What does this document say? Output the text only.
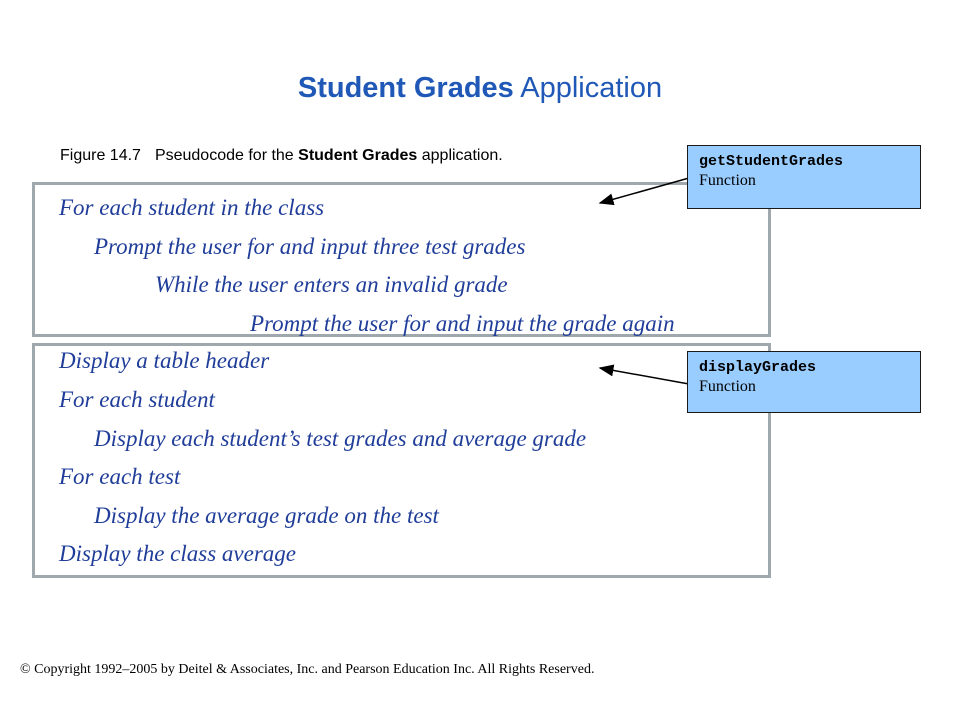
Student Grades Application
Figure 14.7 Pseudocode for the Student Grades application.
For each student in the class
Prompt the user for and input three test grades
While the user enters an invalid grade
Prompt the user for and input the grade again
Display a table header
For each student
Display each student’s test grades and average grade
For each test
Display the average grade on the test
Display the class average
getStudentGrades
Function
displayGrades
Function
© Copyright 1992–2005 by Deitel & Associates, Inc. and Pearson Education Inc. All Rights Reserved.
